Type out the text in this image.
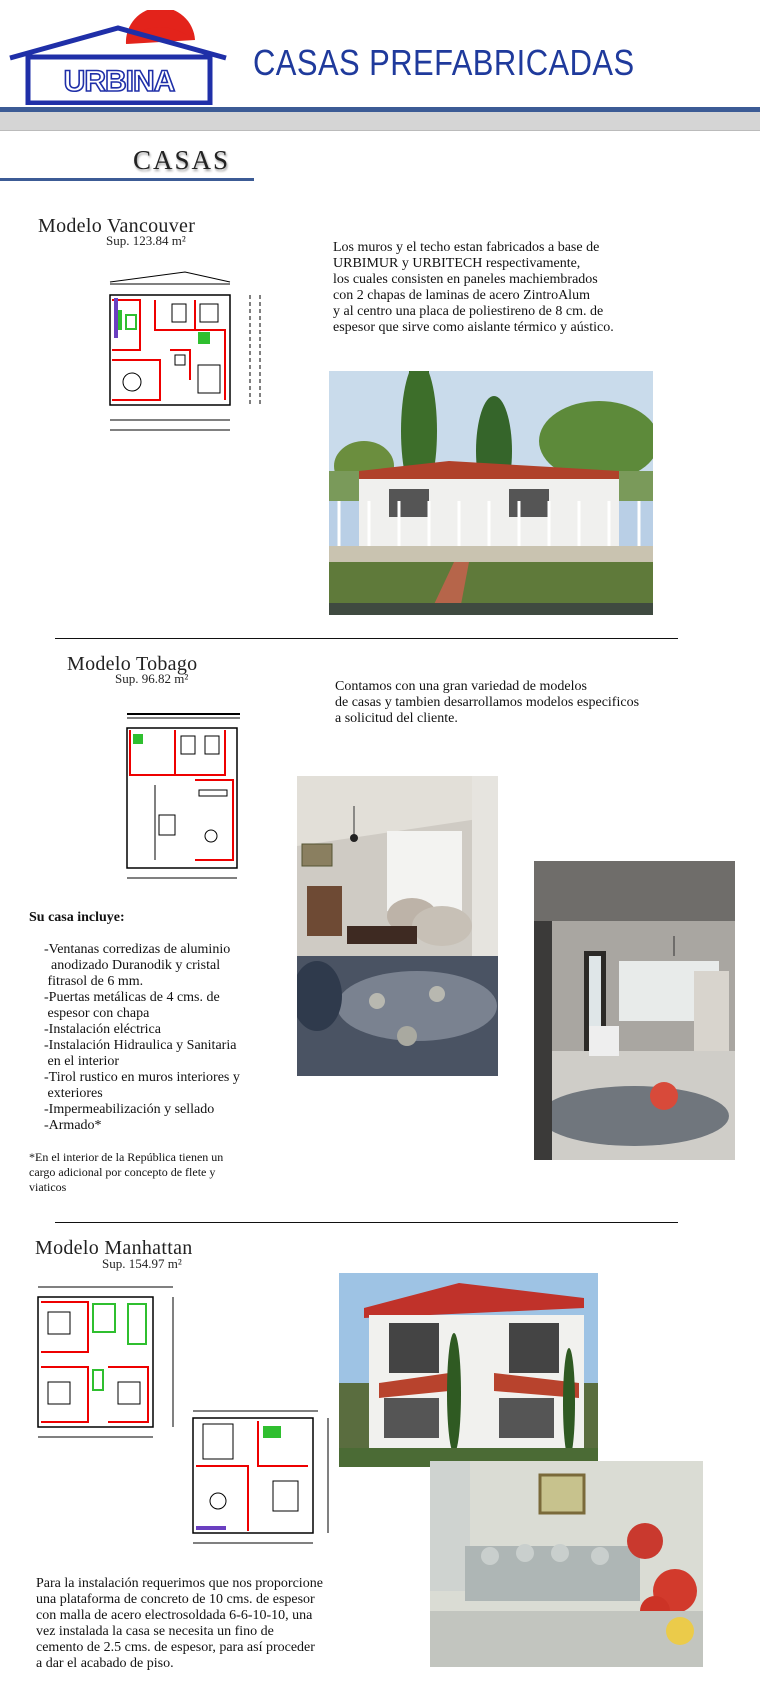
URBINA CASAS PREFABRICADAS
CASAS
Modelo Vancouver
Sup. 123.84 m²	Los muros y el techo estan fabricados a base de
URBIMUR y URBITECH respectivamente,
los cuales consisten en paneles machiembrados
con 2 chapas de laminas de acero ZintroAlum
y al centro una placa de poliestireno de 8 cm. de
espesor que sirve como aislante térmico y aústico.
Modelo Tobago
Sup. 96.82 m²
Contamos con una gran variedad de modelos
de casas y tambien desarrollamos modelos especificos
a solicitud del cliente.
Su casa incluye:
-Ventanas corredizas de aluminio
anodizado Duranodik y cristal
fitrasol de 6 mm.
-Puertas metálicas de 4 cms. de
espesor con chapa
-Instalación eléctrica
-Instalación Hidraulica y Sanitaria
en el interior
-Tirol rustico en muros interiores y
exteriores
-Impermeabilización y sellado
-Armado*
*En el interior de la República tienen un
cargo adicional por concepto de flete y
viaticos
Modelo Manhattan
Sup. 154.97 m²
Para la instalación requerimos que nos proporcione
una plataforma de concreto de 10 cms. de espesor
con malla de acero electrosoldada 6-6-10-10, una
vez instalada la casa se necesita un fino de
cemento de 2.5 cms. de espesor, para así proceder
a dar el acabado de piso.
